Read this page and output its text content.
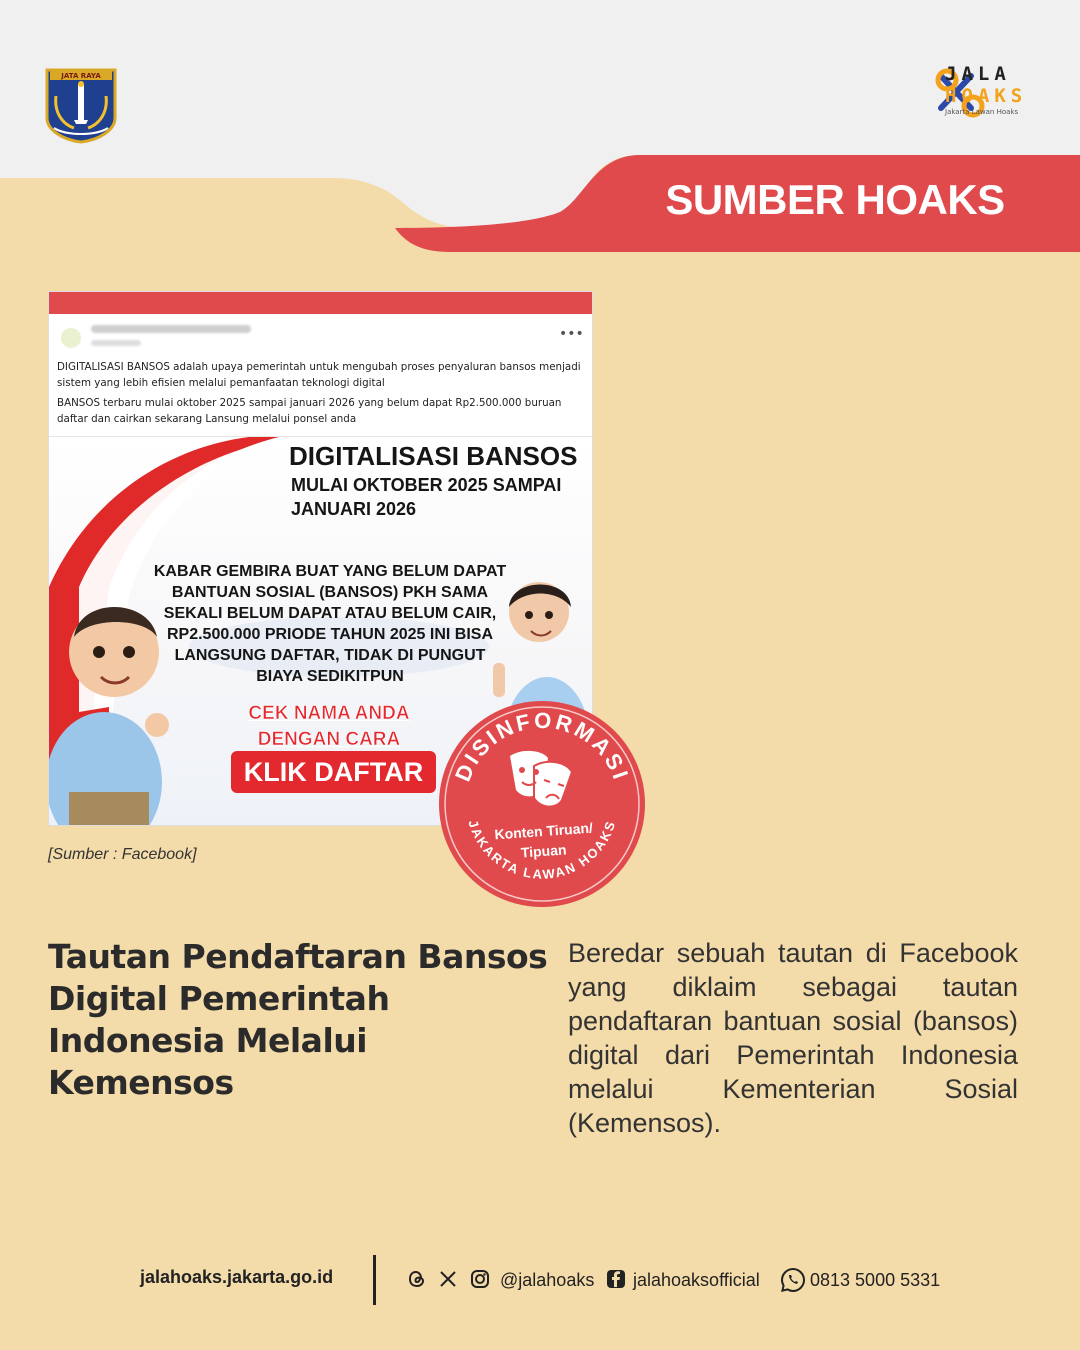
JATA RAYA	JALA
HOAKS
Jakarta Lawan Hoaks
SUMBER HOAKS
•••

DIGITALISASI BANSOS adalah upaya pemerintah untuk mengubah proses penyaluran bansos menjadi sistem yang lebih efisien melalui pemanfaatan teknologi digital

BANSOS terbaru mulai oktober 2025 sampai januari 2026 yang belum dapat Rp2.500.000 buruan daftar dan cairkan sekarang Lansung melalui ponsel anda

DIGITALISASI BANSOS
MULAI OKTOBER 2025 SAMPAI JANUARI 2026
KABAR GEMBIRA BUAT YANG BELUM DAPAT BANTUAN SOSIAL (BANSOS) PKH SAMA SEKALI BELUM DAPAT ATAU BELUM CAIR, RP2.500.000 PRIODE TAHUN 2025 INI BISA LANGSUNG DAFTAR, TIDAK DI PUNGUT BIAYA SEDIKITPUN
CEK NAMA ANDA
DENGAN CARA
KLIK DAFTAR
[Sumber : Facebook]
DISINFORMASI
JAKARTA LAWAN HOAKS
Konten Tiruan/
Tipuan
Tautan Pendaftaran Bansos Digital Pemerintah Indonesia Melalui Kemensos
Beredar sebuah tautan di Facebook yang diklaim sebagai tautan pendaftaran bantuan sosial (bansos) digital dari Pemerintah Indonesia melalui Kementerian Sosial (Kemensos).
jalahoaks.jakarta.go.id	@jalahoaks jalahoaksofficial	0813 5000 5331
